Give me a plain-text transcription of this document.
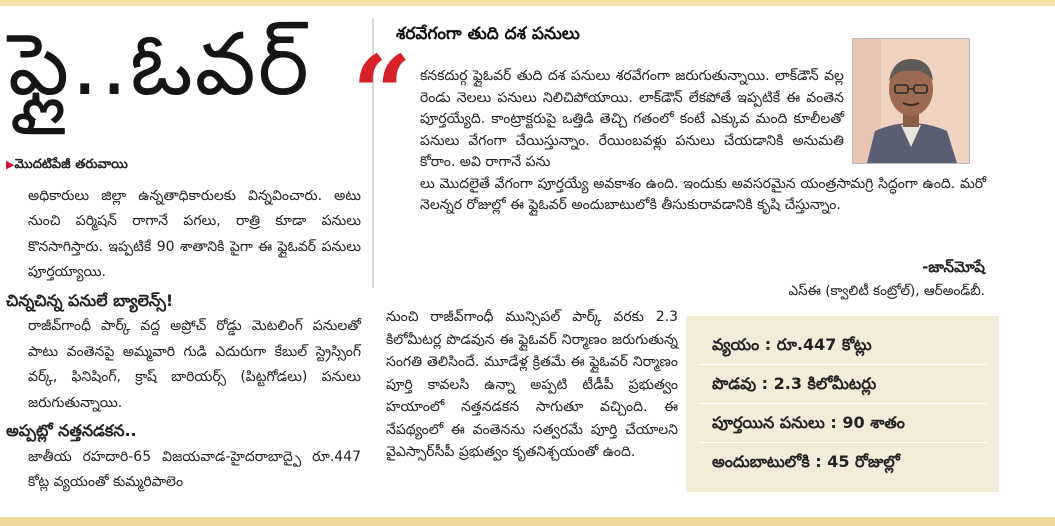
ఫ్లై..ఓవర్
▶మొదటిపేజీ తరువాయి

అధికారులు జిల్లా ఉన్నతాధికారులకు విన్నవించారు. అటు నుంచి పర్మిషన్ రాగానే పగలు, రాత్రి కూడా పనులు కొనసాగిస్తారు. ఇప్పటికే 90 శాతానికి పైగా ఈ ఫ్లైఓవర్ పనులు పూర్తయ్యాయి.

చిన్నచిన్న పనులే బ్యాలెన్స్!

రాజీవ్‌గాంధీ పార్క్ వద్ద అప్రోచ్ రోడ్డు మెటలింగ్ పనులతో పాటు వంతెనపై అమ్మవారి గుడి ఎదురుగా కేబుల్ స్ట్రెస్సింగ్ వర్క్, ఫినిషింగ్, క్రాష్ బారియర్స్ (పిట్టగోడలు) పనులు జరుగుతున్నాయి.

అప్పట్లో నత్తనడకన..

జాతీయ రహదారి-65 విజయవాడ-హైదరాబాద్పై రూ.447 కోట్ల వ్యయంతో కుమ్మరిపాలెం

శరవేగంగా తుది దశ పనులు
“ కనకదుర్గ ఫ్లైఓవర్ తుది దశ పనులు శరవేగంగా జరుగుతున్నాయి. లాక్‌డౌన్ వల్ల రెండు నెలలు పనులు నిలిచిపోయాయి. లాక్‌డౌన్ లేకపోతే ఇప్పటికే ఈ వంతెన పూర్తయ్యేది. కాంట్రాక్టరుపై ఒత్తిడి తెచ్చి గతంలో కంటే ఎక్కువ మంది కూలీలతో పనులు వేగంగా చేయిస్తున్నాం. రేయింబవళ్లు పనులు చేయడానికి అనుమతి కోరాం. అవి రాగానే పను

లు మొదలైతే వేగంగా పూర్తయ్యే అవకాశం ఉంది. ఇందుకు అవసరమైన యంత్రసామగ్రి సిద్ధంగా ఉంది. మరో నెలన్నర రోజుల్లో ఈ ఫ్లైఓవర్ అందుబాటులోకి తీసుకురావడానికి కృషి చేస్తున్నాం.

-జాన్‌మోషే
ఎస్ఈ (క్వాలిటీ కంట్రోల్), ఆర్అండ్‌బీ.

నుంచి రాజీవ్‌గాంధీ మున్సిపల్ పార్క్ వరకు 2.3 కిలోమీటర్ల పొడవున ఈ ఫ్లైఓవర్ నిర్మాణం జరుగుతున్న సంగతి తెలిసిందే. మూడేళ్ల క్రితమే ఈ ఫ్లైఓవర్ నిర్మాణం పూర్తి కావలసి ఉన్నా అప్పటి టీడీపీ ప్రభుత్వం హయాంలో నత్తనడకన సాగుతూ వచ్చింది. ఈ నేపథ్యంలో ఈ వంతెనను సత్వరమే పూర్తి చేయాలని వైఎస్సార్‌సీపీ ప్రభుత్వం కృతనిశ్చయంతో ఉంది.

వ్యయం : రూ.447 కోట్లు
పొడవు : 2.3 కిలోమీటర్లు
పూర్తయిన పనులు : 90 శాతం
అందుబాటులోకి : 45 రోజుల్లో
